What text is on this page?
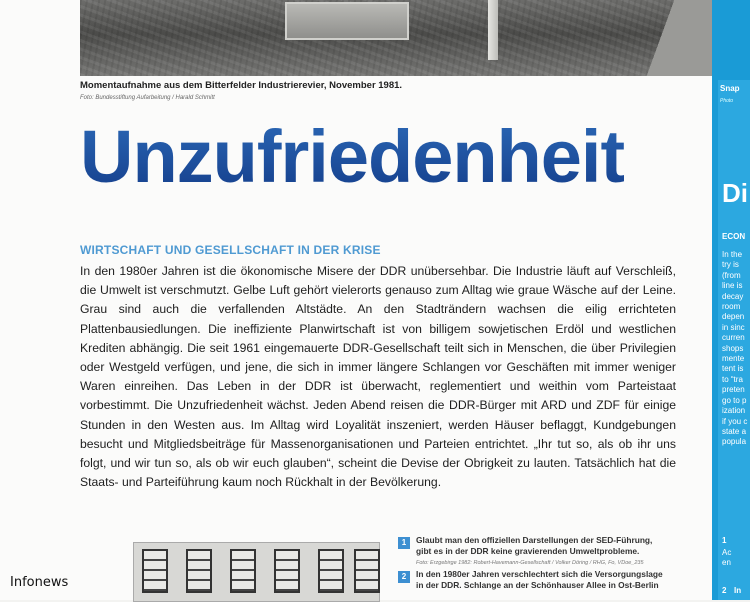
Momentaufnahme aus dem Bitterfelder Industrierevier, November 1981.
Foto: Bundesstiftung Aufarbeitung / Harald Schmitt
Unzufriedenheit
WIRTSCHAFT UND GESELLSCHAFT IN DER KRISE

In den 1980er Jahren ist die ökonomische Misere der DDR unübersehbar. Die Industrie läuft auf Verschleiß, die Umwelt ist verschmutzt. Gelbe Luft gehört vielerorts genauso zum Alltag wie graue Wäsche auf der Leine. Grau sind auch die verfallenden Altstädte. An den Stadträndern wachsen die eilig errichteten Plattenbausiedlungen. Die ineffiziente Planwirtschaft ist von billigem sowjetischen Erdöl und westlichen Krediten abhängig. Die seit 1961 eingemauerte DDR-Gesellschaft teilt sich in Menschen, die über Privilegien oder Westgeld verfügen, und jene, die sich in immer längere Schlangen vor Geschäften mit immer weniger Waren einreihen. Das Leben in der DDR ist überwacht, reglementiert und weithin vom Parteistaat vorbestimmt. Die Unzufriedenheit wächst. Jeden Abend reisen die DDR-Bürger mit ARD und ZDF für einige Stunden in den Westen aus. Im Alltag wird Loyalität inszeniert, werden Häuser beflaggt, Kundgebungen besucht und Mitgliedsbeiträge für Massenorganisationen und Parteien entrichtet. „Ihr tut so, als ob ihr uns folgt, und wir tun so, als ob wir euch glauben“, scheint die Devise der Obrigkeit zu lauten. Tatsächlich hat die Staats- und Parteiführung kaum noch Rückhalt in der Bevölkerung.

1	Glaubt man den offiziellen Darstellungen der SED-Führung, gibt es in der DDR keine gravierenden Umweltprobleme.
Foto: Erzgebirge 1982: Robert-Havemann-Gesellschaft / Volker Döring / RHG, Fo, VDoe_235
2	In den 1980er Jahren verschlechtert sich die Versorgungslage in der DDR. Schlange an der Schönhauser Allee in Ost-Berlin
Snap
Photo
Di
ECON
In the
try is
(from
line is
decay
room
depen
in sinc
curren
shops
mente
tent is
to “tra
preten
go to p
ization
if you c
state a
popula
1
Ac
en
2 In
Infonews
